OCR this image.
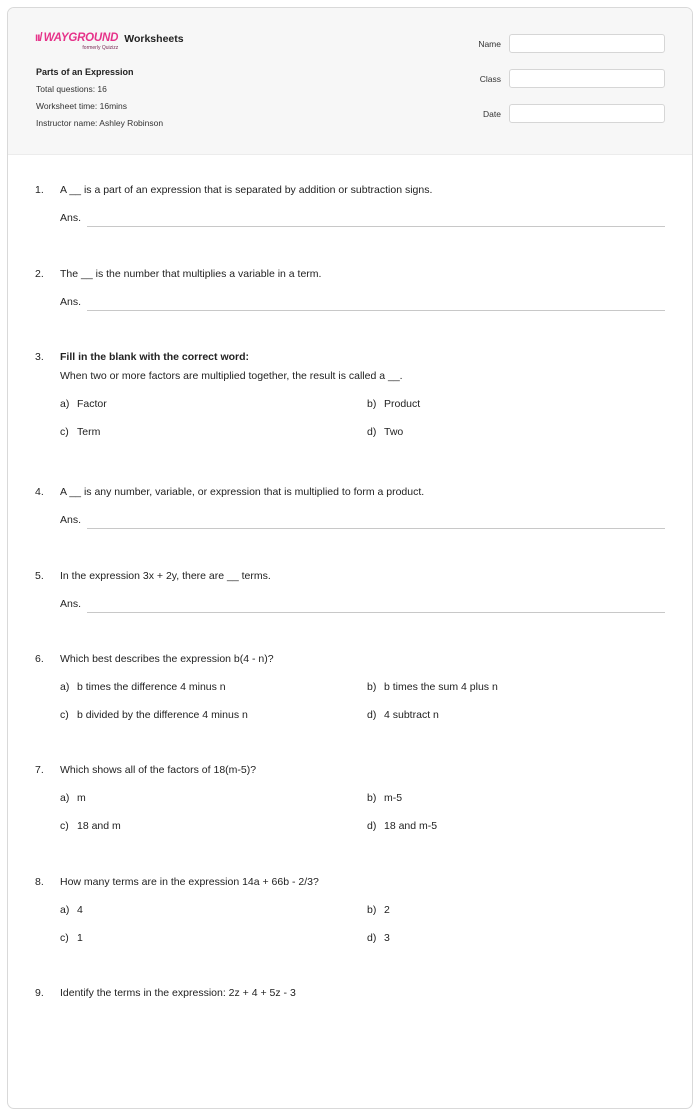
ıı/ WAYGROUND
formerly Quizizz
Worksheets
Parts of an Expression
Total questions: 16
Worksheet time: 16mins
Instructor name: Ashley Robinson
Name
Class
Date
1.	A __ is a part of an expression that is separated by addition or subtraction signs.
Ans.
2.	The __ is the number that multiplies a variable in a term.
Ans.
3.	Fill in the blank with the correct word:
When two or more factors are multiplied together, the result is called a __.
a) Factor	b) Product
c) Term	d) Two
4.	A __ is any number, variable, or expression that is multiplied to form a product.
Ans.
5.	In the expression 3x + 2y, there are __ terms.
Ans.
6.	Which best describes the expression b(4 - n)?
a) b times the difference 4 minus n	b) b times the sum 4 plus n
c) b divided by the difference 4 minus n	d) 4 subtract n
7.	Which shows all of the factors of 18(m-5)?
a) m	b) m-5
c) 18 and m	d) 18 and m-5
8.	How many terms are in the expression 14a + 66b - 2/3?
a) 4	b) 2
c) 1	d) 3
9.	Identify the terms in the expression: 2z + 4 + 5z - 3
